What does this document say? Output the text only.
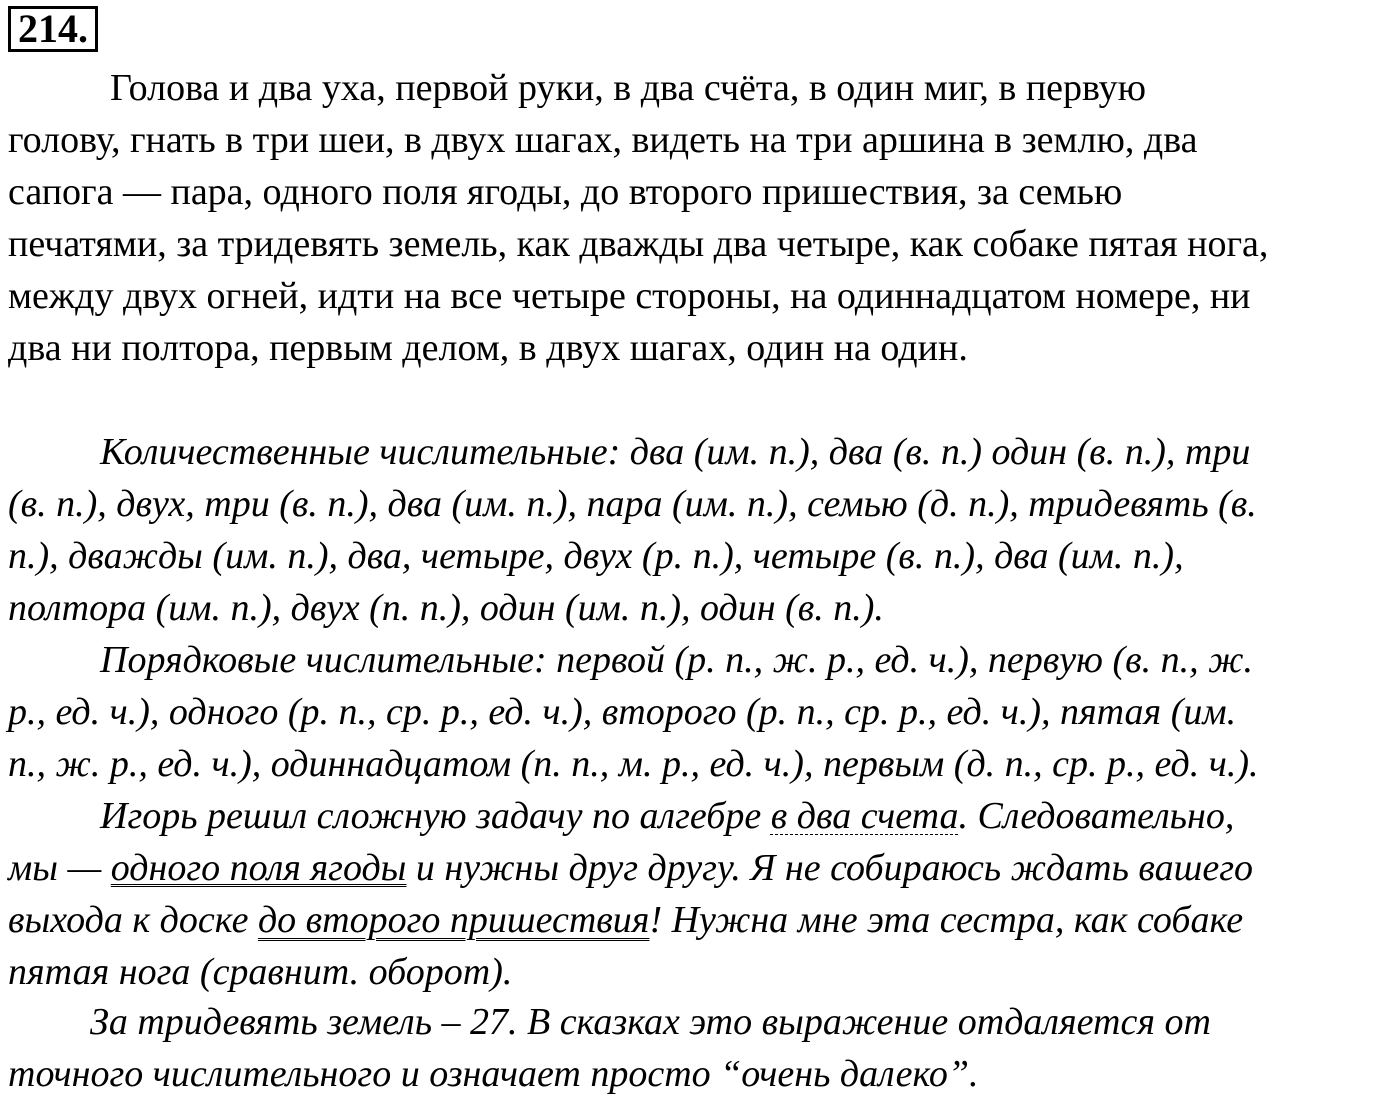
214.
Голова и два уха, первой руки, в два счёта, в один миг, в первую
голову, гнать в три шеи, в двух шагах, видеть на три аршина в землю, два
сапога — пара, одного поля ягоды, до второго пришествия, за семью
печатями, за тридевять земель, как дважды два четыре, как собаке пятая нога,
между двух огней, идти на все четыре стороны, на одиннадцатом номере, ни
два ни полтора, первым делом, в двух шагах, один на один.
Количественные числительные: два (им. п.), два (в. п.) один (в. п.), три
(в. п.), двух, три (в. п.), два (им. п.), пара (им. п.), семью (д. п.), тридевять (в.
п.), дважды (им. п.), два, четыре, двух (р. п.), четыре (в. п.), два (им. п.),
полтора (им. п.), двух (п. п.), один (им. п.), один (в. п.).
Порядковые числительные: первой (р. п., ж. р., ед. ч.), первую (в. п., ж.
р., ед. ч.), одного (р. п., ср. р., ед. ч.), второго (р. п., ср. р., ед. ч.), пятая (им.
п., ж. р., ед. ч.), одиннадцатом (п. п., м. р., ед. ч.), первым (д. п., ср. р., ед. ч.).
Игорь решил сложную задачу по алгебре в два счета. Следовательно,
мы — одного поля ягоды и нужны друг другу. Я не собираюсь ждать вашего
выхода к доске до второго пришествия! Нужна мне эта сестра, как собаке
пятая нога (сравнит. оборот).
За тридевять земель – 27. В сказках это выражение отдаляется от
точного числительного и означает просто “очень далеко”.
